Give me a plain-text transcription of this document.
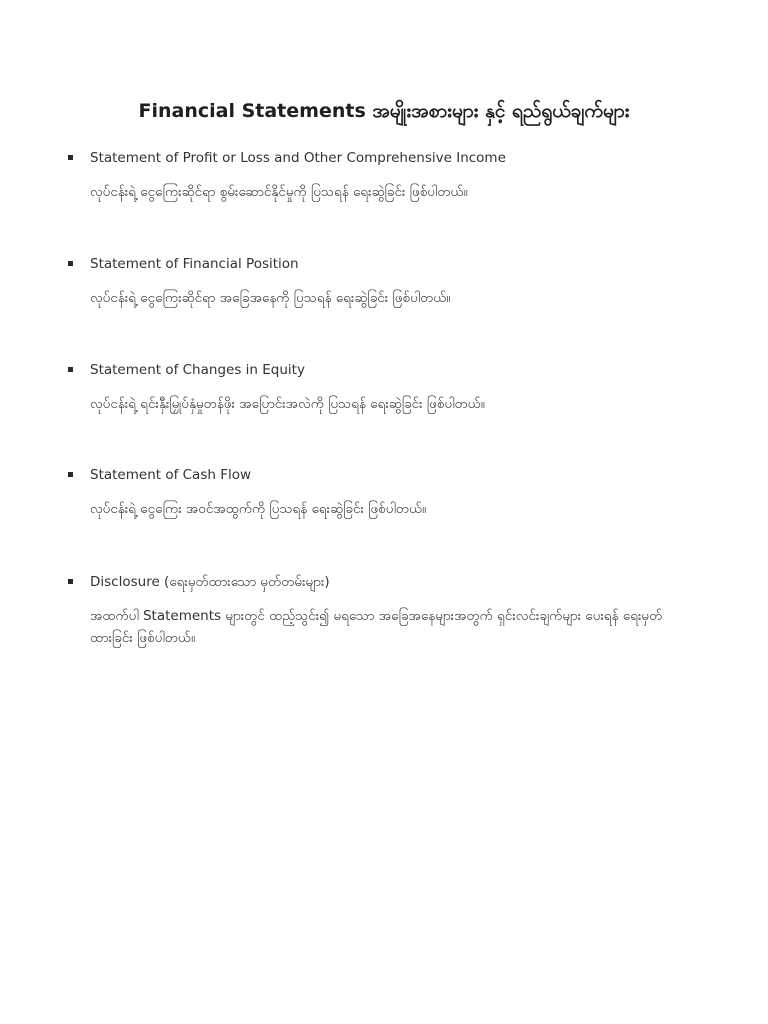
Financial Statements အမျိုးအစားများ နှင့် ရည်ရွယ်ချက်များ
Statement of Profit or Loss and Other Comprehensive Income
လုပ်ငန်းရဲ့ ငွေကြေးဆိုင်ရာ စွမ်းဆောင်နိုင်မှုကို ပြသရန် ရေးဆွဲခြင်း ဖြစ်ပါတယ်။
Statement of Financial Position
လုပ်ငန်းရဲ့ ငွေကြေးဆိုင်ရာ အခြေအနေကို ပြသရန် ရေးဆွဲခြင်း ဖြစ်ပါတယ်။
Statement of Changes in Equity
လုပ်ငန်းရဲ့ ရင်းနှီးမြှုပ်နှံမှုတန်ဖိုး အပြောင်းအလဲကို ပြသရန် ရေးဆွဲခြင်း ဖြစ်ပါတယ်။
Statement of Cash Flow
လုပ်ငန်းရဲ့ ငွေကြေး အဝင်အထွက်ကို ပြသရန် ရေးဆွဲခြင်း ဖြစ်ပါတယ်။
Disclosure (ရေးမှတ်ထားသော မှတ်တမ်းများ)
အထက်ပါ Statements များတွင် ထည့်သွင်း၍ မရသော အခြေအနေများအတွက် ရှင်းလင်းချက်များ ပေးရန် ရေးမှတ်ထားခြင်း ဖြစ်ပါတယ်။
